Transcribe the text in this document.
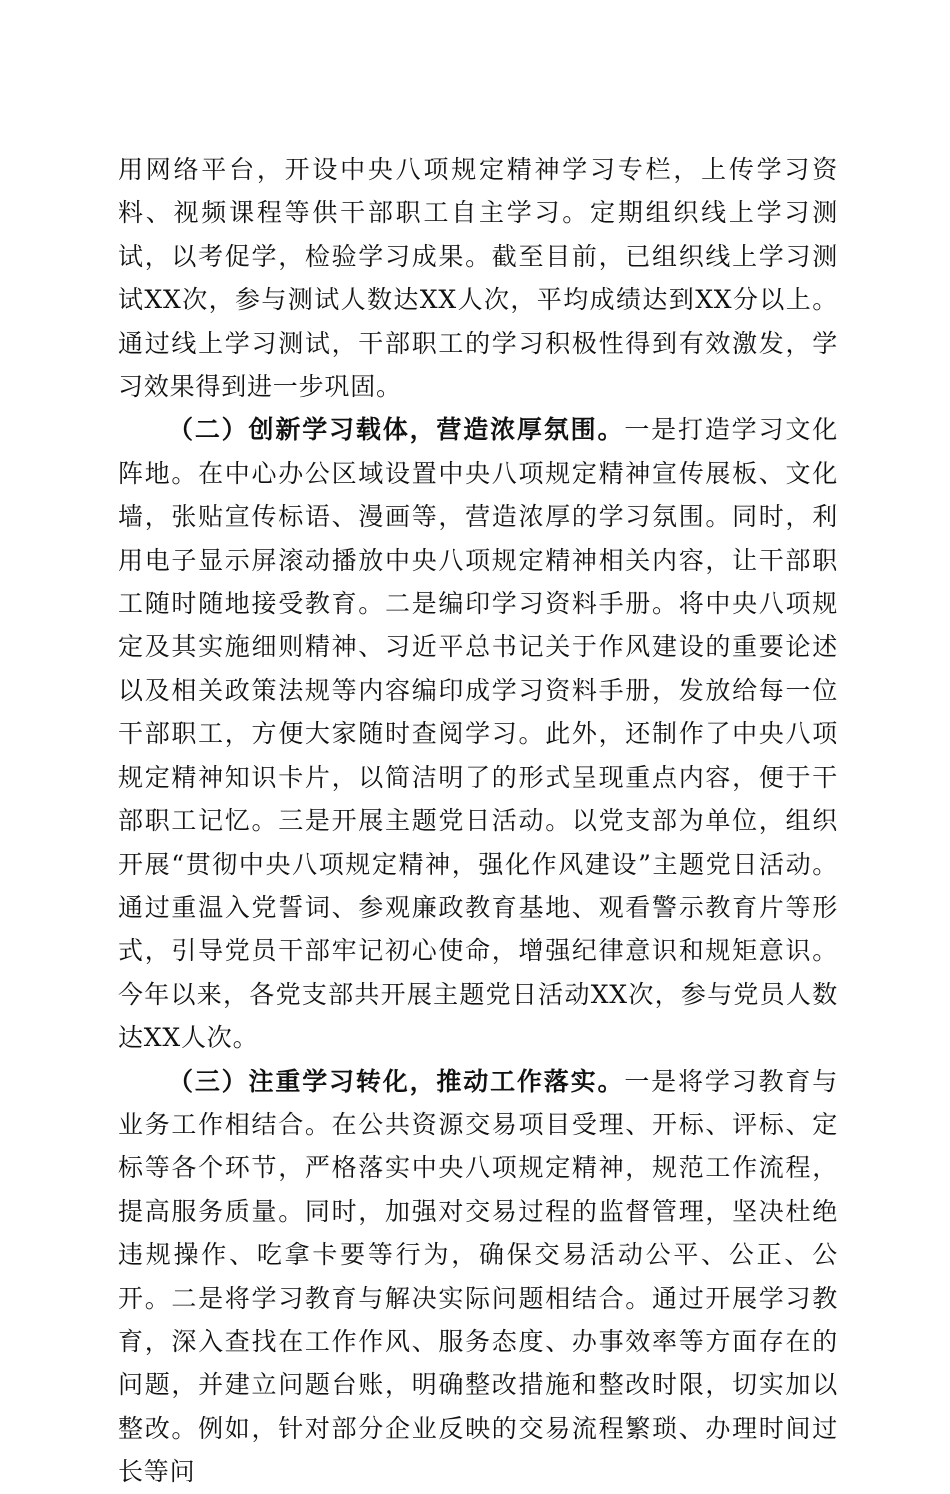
用网络平台，开设中央八项规定精神学习专栏，上传学习资料、视频课程等供干部职工自主学习。定期组织线上学习测试，以考促学，检验学习成果。截至目前，已组织线上学习测试XX次，参与测试人数达XX人次，平均成绩达到XX分以上。通过线上学习测试，干部职工的学习积极性得到有效激发，学习效果得到进一步巩固。

（二）创新学习载体，营造浓厚氛围。一是打造学习文化阵地。在中心办公区域设置中央八项规定精神宣传展板、文化墙，张贴宣传标语、漫画等，营造浓厚的学习氛围。同时，利用电子显示屏滚动播放中央八项规定精神相关内容，让干部职工随时随地接受教育。二是编印学习资料手册。将中央八项规定及其实施细则精神、习近平总书记关于作风建设的重要论述以及相关政策法规等内容编印成学习资料手册，发放给每一位干部职工，方便大家随时查阅学习。此外，还制作了中央八项规定精神知识卡片，以简洁明了的形式呈现重点内容，便于干部职工记忆。三是开展主题党日活动。以党支部为单位，组织开展“贯彻中央八项规定精神，强化作风建设”主题党日活动。通过重温入党誓词、参观廉政教育基地、观看警示教育片等形式，引导党员干部牢记初心使命，增强纪律意识和规矩意识。今年以来，各党支部共开展主题党日活动XX次，参与党员人数达XX人次。

（三）注重学习转化，推动工作落实。一是将学习教育与业务工作相结合。在公共资源交易项目受理、开标、评标、定标等各个环节，严格落实中央八项规定精神，规范工作流程，提高服务质量。同时，加强对交易过程的监督管理，坚决杜绝违规操作、吃拿卡要等行为，确保交易活动公平、公正、公开。二是将学习教育与解决实际问题相结合。通过开展学习教育，深入查找在工作作风、服务态度、办事效率等方面存在的问题，并建立问题台账，明确整改措施和整改时限，切实加以整改。例如，针对部分企业反映的交易流程繁琐、办理时间过长等问
